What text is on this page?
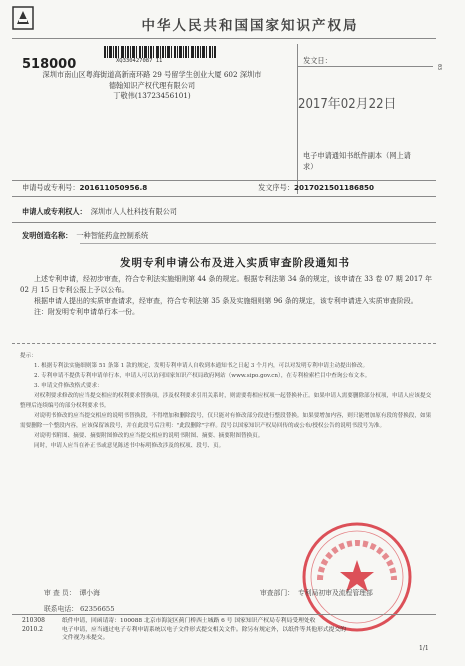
中华人民共和国国家知识产权局
518000	XQ330427087 11
深圳市南山区粤海街道高新南环路 29 号留学生创业大厦 602 深圳市
德翰知识产权代理有限公司
丁敬伟(13723456101)
发文日：
2017年02月22日
03
电子申请通知书纸件副本（网上请求）
申请号或专利号：201611050956.8	发文序号：2017021501186850
申请人或专利权人： 深圳市人人杜科技有限公司
发明创造名称： 一种智能药盒控制系统
发明专利申请公布及进入实质审查阶段通知书

上述专利申请，经初步审查，符合专利法实施细则第 44 条的规定。根据专利法第 34 条的规定，该申请在 33 卷 07 期 2017 年 02 月 15 日专利公报上予以公布。

根据申请人提出的实质审查请求，经审查，符合专利法第 35 条及实施细则第 96 条的规定，该专利申请进入实质审查阶段。

注：附发明专利申请单行本一份。

提示：

1. 根据专利法实施细则第 51 条第 1 款的规定，发明专利申请人自收到本通知书之日起 3 个月内，可以对发明专利申请主动提出修改。

2. 专利申请不提供专利申请单行本，申请人可以访问国家知识产权局政府网站（www.sipo.gov.cn），在专利检索栏目中查询公布文本。

3. 申请文件修改格式要求：

对权利要求修改的应当提交相应的权利要求替换项，涉及权利要求引用关系时，则需要将相应权项一起替换补正。如果申请人需要删除部分权项，申请人应该提交整理后连续编号的部分权利要求书。

对说明书修改的应当提交相应的说明书替换段，不得增加和删除段号，仅只能对有修改部分段进行整段替换。如果要增加内容，则只能增加原有段的替换段，如果需要删除一个整段内容，应该保留该段号，并在此段号后注明："此段删除"字样。段号以国家知识产权局回传的或公布/授权公告的说明书段号为准。

对说明书附图、摘要、摘要附图修改的应当提交相应的说明书附图、摘要、摘要附图替换页。

同时，申请人应当在补正书或意见陈述书中标明修改涉及的权项、段号、页。

审 查 员： 谭小海	审查部门： 专利局初审及流程管理部
联系电话： 62356655
210308
2010.2
纸件申请，回函请寄：100088 北京市海淀区蓟门桥西土城路 6 号 国家知识产权局专利局受理处收
电子申请，应当通过电子专利申请系统以电子文件形式提交相关文件。除另有规定外，以纸件等其他形式提交的
文件视为未提交。
1/1
